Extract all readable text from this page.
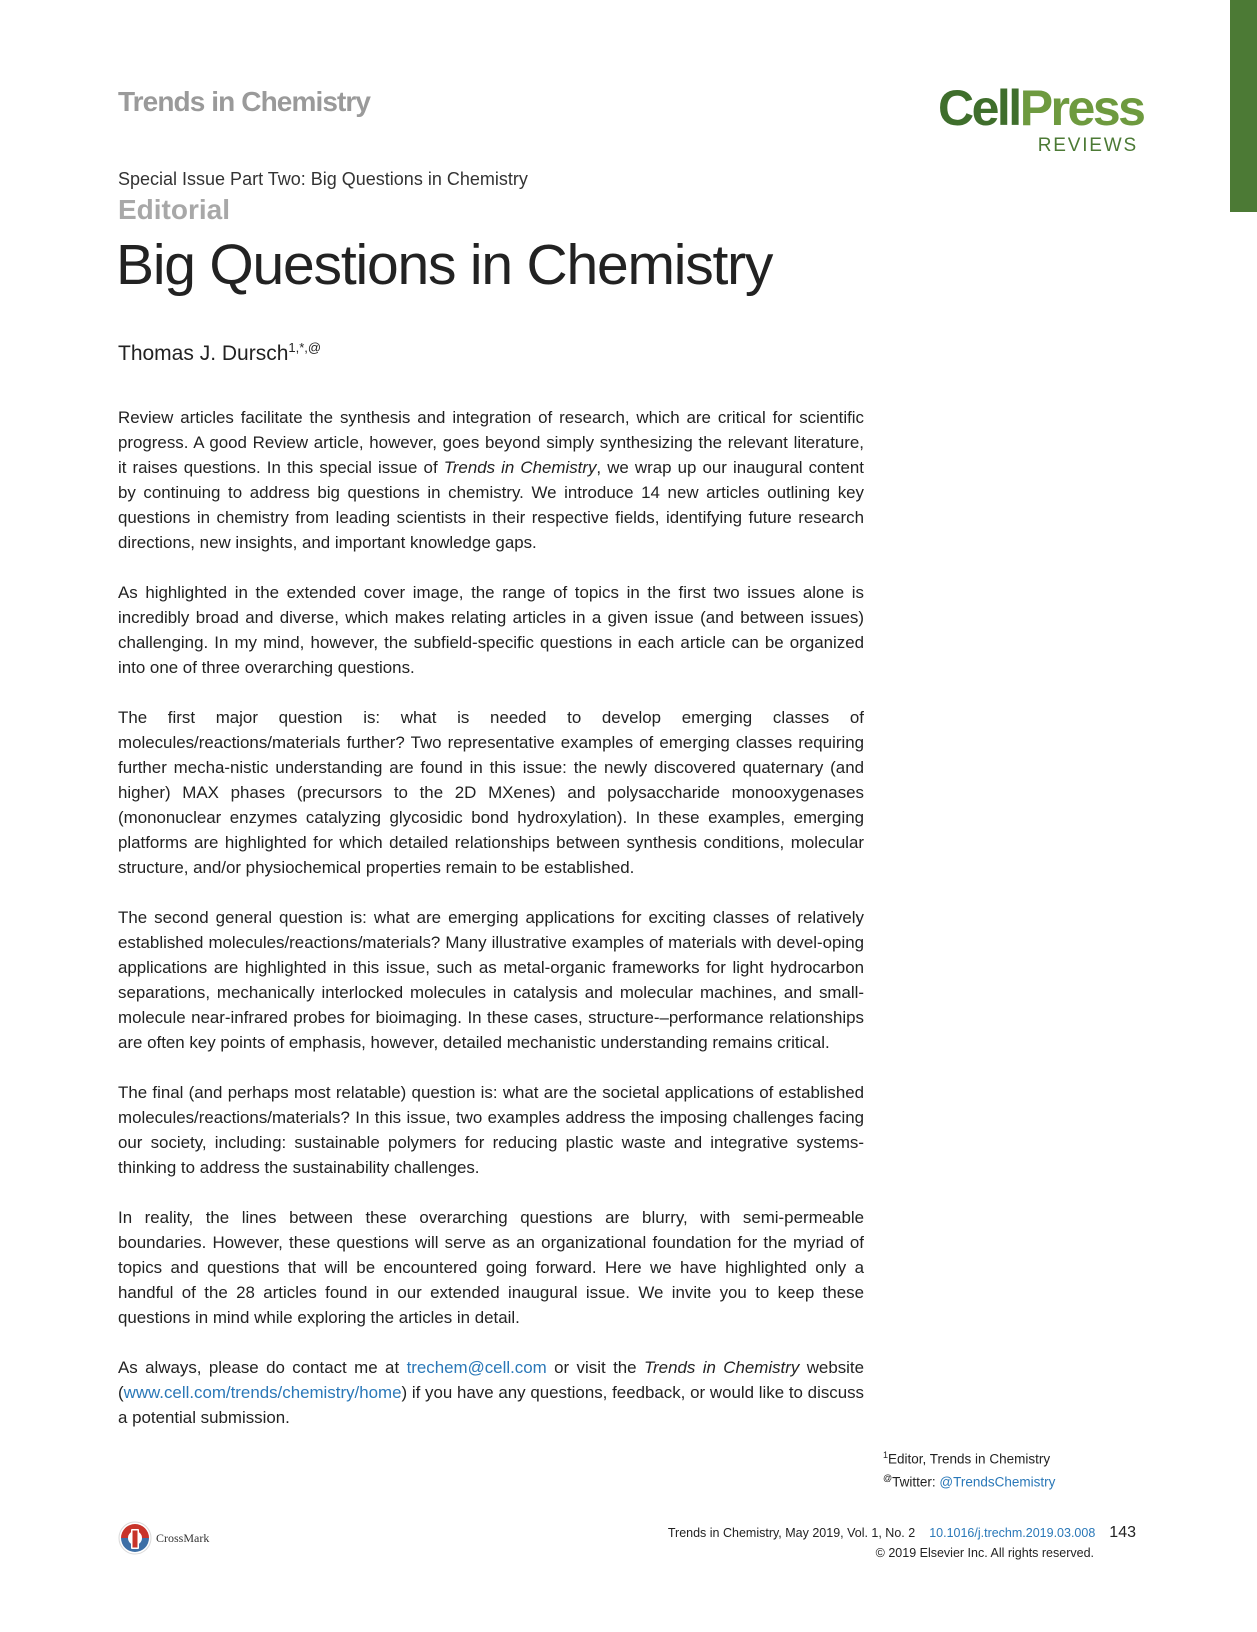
Trends in Chemistry	CellPress
REVIEWS
Special Issue Part Two: Big Questions in Chemistry
Editorial
Big Questions in Chemistry
Thomas J. Dursch$^{1,*,@}$

Review articles facilitate the synthesis and integration of research, which are critical for scientific progress. A good Review article, however, goes beyond simply synthesizing the relevant literature, it raises questions. In this special issue of Trends in Chemistry, we wrap up our inaugural content by continuing to address big questions in chemistry. We introduce 14 new articles outlining key questions in chemistry from leading scientists in their respective fields, identifying future research directions, new insights, and important knowledge gaps.

As highlighted in the extended cover image, the range of topics in the first two issues alone is incredibly broad and diverse, which makes relating articles in a given issue (and between issues) challenging. In my mind, however, the subfield-specific questions in each article can be organized into one of three overarching questions.

The first major question is: what is needed to develop emerging classes of molecules/reactions/materials further? Two representative examples of emerging classes requiring further mecha-nistic understanding are found in this issue: the newly discovered quaternary (and higher) MAX phases (precursors to the 2D MXenes) and polysaccharide monooxygenases (mononuclear enzymes catalyzing glycosidic bond hydroxylation). In these examples, emerging platforms are highlighted for which detailed relationships between synthesis conditions, molecular structure, and/or physiochemical properties remain to be established.

The second general question is: what are emerging applications for exciting classes of relatively established molecules/reactions/materials? Many illustrative examples of materials with devel-oping applications are highlighted in this issue, such as metal-organic frameworks for light hydrocarbon separations, mechanically interlocked molecules in catalysis and molecular machines, and small-molecule near-infrared probes for bioimaging. In these cases, structure-–performance relationships are often key points of emphasis, however, detailed mechanistic understanding remains critical.

The final (and perhaps most relatable) question is: what are the societal applications of established molecules/reactions/materials? In this issue, two examples address the imposing challenges facing our society, including: sustainable polymers for reducing plastic waste and integrative systems-thinking to address the sustainability challenges.

In reality, the lines between these overarching questions are blurry, with semi-permeable boundaries. However, these questions will serve as an organizational foundation for the myriad of topics and questions that will be encountered going forward. Here we have highlighted only a handful of the 28 articles found in our extended inaugural issue. We invite you to keep these questions in mind while exploring the articles in detail.

As always, please do contact me at trechem@cell.com or visit the Trends in Chemistry website (www.cell.com/trends/chemistry/home) if you have any questions, feedback, or would like to discuss a potential submission.

$^1$Editor, Trends in Chemistry
@Twitter: @TrendsChemistry
CrossMark	Trends in Chemistry, May 2019, Vol. 1, No. 2 10.1016/j.trechm.2019.03.008 143
© 2019 Elsevier Inc. All rights reserved.
